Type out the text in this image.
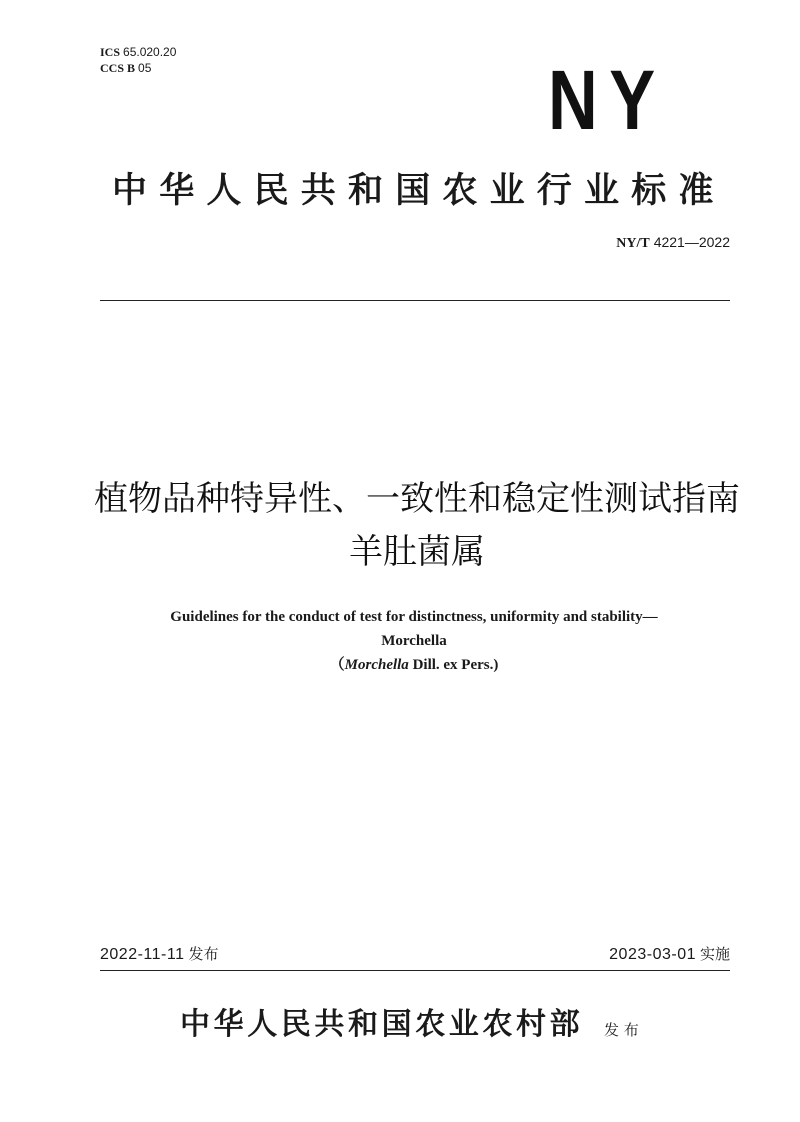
ICS 65.020.20
CCS B 05	NY
中华人民共和国农业行业标准
NY/T 4221—2022
植物品种特异性、一致性和稳定性测试指南
羊肚菌属
Guidelines for the conduct of test for distinctness, uniformity and stability—
Morchella
（Morchella Dill. ex Pers.)
2022-11-11 发布	2023-03-01 实施
中华人民共和国农业农村部 发 布
